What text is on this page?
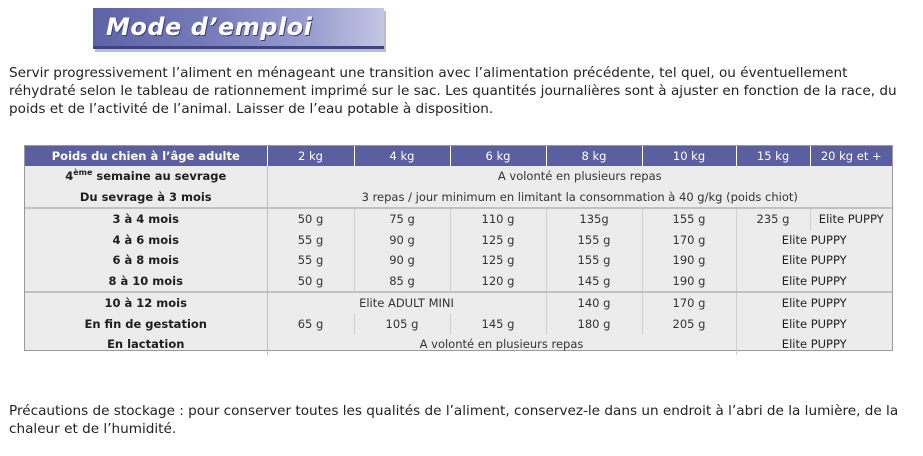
Mode d’emploi

Servir progressivement l’aliment en ménageant une transition avec l’alimentation précédente, tel quel, ou éventuellement réhydraté selon le tableau de rationnement imprimé sur le sac. Les quantités journalières sont à ajuster en fonction de la race, du poids et de l’activité de l’animal. Laisser de l’eau potable à disposition.

Poids du chien à l’âge adulte	2 kg	4 kg	6 kg	8 kg	10 kg	15 kg	20 kg et +
4ème semaine au sevrage	A volonté en plusieurs repas						
Du sevrage à 3 mois	3 repas / jour minimum en limitant la consommation à 40 g/kg (poids chiot)						
3 à 4 mois	50 g	75 g	110 g	135g	155 g	235 g	Elite PUPPY
4 à 6 mois	55 g	90 g	125 g	155 g	170 g	Elite PUPPY	
6 à 8 mois	55 g	90 g	125 g	155 g	190 g	Elite PUPPY	
8 à 10 mois	50 g	85 g	120 g	145 g	190 g	Elite PUPPY	
10 à 12 mois	Elite ADULT MINI			140 g	170 g	Elite PUPPY	
En fin de gestation	65 g	105 g	145 g	180 g	205 g	Elite PUPPY	
En lactation	A volonté en plusieurs repas					Elite PUPPY	

Précautions de stockage : pour conserver toutes les qualités de l’aliment, conservez-le dans un endroit à l’abri de la lumière, de la chaleur et de l’humidité.
